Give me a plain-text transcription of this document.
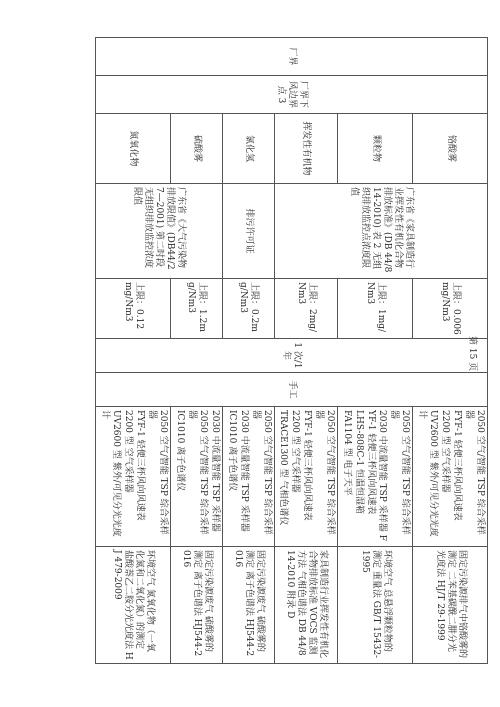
厂界	厂界下风边界点 3	铬酸雾	广东省《家具制造行业挥发性有机化合物排放标准》(DB 44/814-2010) 表 2 无组织排放监控点浓度限值	上限：0.006mg/Nm3	1 次/1 年	手工	2050 空气/智能 TSP 综合采样器
FYF-1 轻便三杯风向风速表
2200 型 空气采样器
UV2600 型 紫外/可见分光光度计	固定污染源排气中铬酸雾的测定 二苯基碳酰二肼分光光度法 HJ/T 29-1999
		颗粒物		上限：1mg/Nm3			2050 空气/智能 TSP 综合采样器
2030 中流量智能 TSP 采样器 FYF-1 轻便三杯风向风速表
LHS-808C-1 恒温恒湿箱
FA1104 型 电子天平	环境空气 总悬浮颗粒物的测定 重量法 GB/T 15432-1995
		挥发性有机物		上限：2mg/Nm3			2050 空气/智能 TSP 综合采样器
FYF-1 轻便三杯风向风速表
2200 型 空气采样器
TRACE1300 型 气相色谱仪	家具制造行业挥发性有机化合物排放标准 VOCS 监测方法 气相色谱法 DB 44/814-2010 附录 D
		氯化氢	排污许可证	上限：0.2mg/Nm3			2050 空气/智能 TSP 综合采样器
2030 中流量智能 TSP 采样器
IC1010 离子色谱仪	固定污染源废气 硫酸雾的测定 离子色谱法 HJ544-2016
		硫酸雾	广东省《大气污染物排放限值》(DB44/27—2001) 第二时段无组织排放监控浓度限值	上限：1.2mg/Nm3			2030 中流量智能 TSP 采样器
2050 空气/智能 TSP 综合采样器
IC1010 离子色谱仪	固定污染源废气 硫酸雾的测定 离子色谱法 HJ544-2016
		氮氧化物		上限：0.12mg/Nm3			2050 空气/智能 TSP 综合采样器
FYF-1 轻便三杯风向风速表
2200 型 空气采样器
UV2600 型 紫外/可见分光光度计	环境空气 氮氧化物（一氧化氮和二氧化氮）的测定 盐酸萘乙二胺分光光度法 HJ 479-2009
第 15 页
